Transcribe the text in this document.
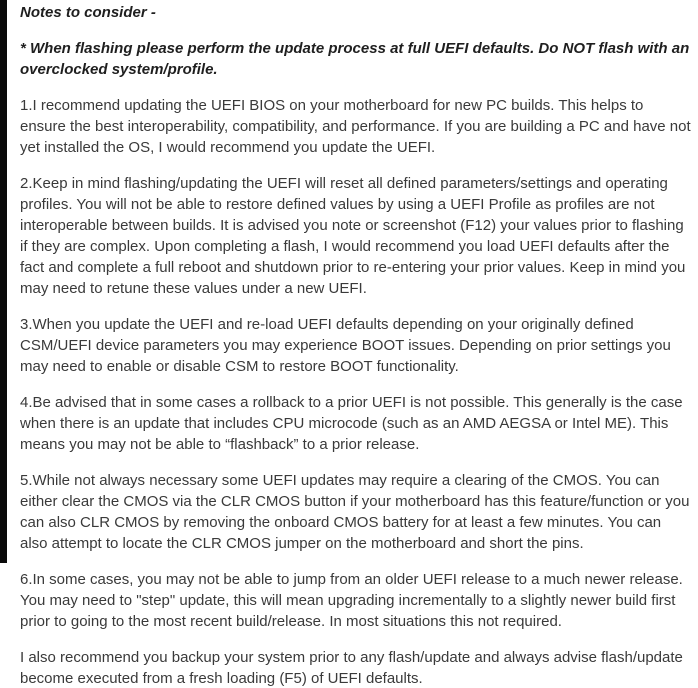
Notes to consider -

* When flashing please perform the update process at full UEFI defaults. Do NOT flash with an overclocked system/profile.

1.I recommend updating the UEFI BIOS on your motherboard for new PC builds. This helps to ensure the best interoperability, compatibility, and performance. If you are building a PC and have not yet installed the OS, I would recommend you update the UEFI.

2.Keep in mind flashing/updating the UEFI will reset all defined parameters/settings and operating profiles. You will not be able to restore defined values by using a UEFI Profile as profiles are not interoperable between builds. It is advised you note or screenshot (F12) your values prior to flashing if they are complex. Upon completing a flash, I would recommend you load UEFI defaults after the fact and complete a full reboot and shutdown prior to re-entering your prior values. Keep in mind you may need to retune these values under a new UEFI.

3.When you update the UEFI and re-load UEFI defaults depending on your originally defined CSM/UEFI device parameters you may experience BOOT issues. Depending on prior settings you may need to enable or disable CSM to restore BOOT functionality.

4.Be advised that in some cases a rollback to a prior UEFI is not possible. This generally is the case when there is an update that includes CPU microcode (such as an AMD AEGSA or Intel ME). This means you may not be able to “flashback” to a prior release.

5.While not always necessary some UEFI updates may require a clearing of the CMOS. You can either clear the CMOS via the CLR CMOS button if your motherboard has this feature/function or you can also CLR CMOS by removing the onboard CMOS battery for at least a few minutes. You can also attempt to locate the CLR CMOS jumper on the motherboard and short the pins.

6.In some cases, you may not be able to jump from an older UEFI release to a much newer release. You may need to "step" update, this will mean upgrading incrementally to a slightly newer build first prior to going to the most recent build/release. In most situations this not required.

I also recommend you backup your system prior to any flash/update and always advise flash/update become executed from a fresh loading (F5) of UEFI defaults.
